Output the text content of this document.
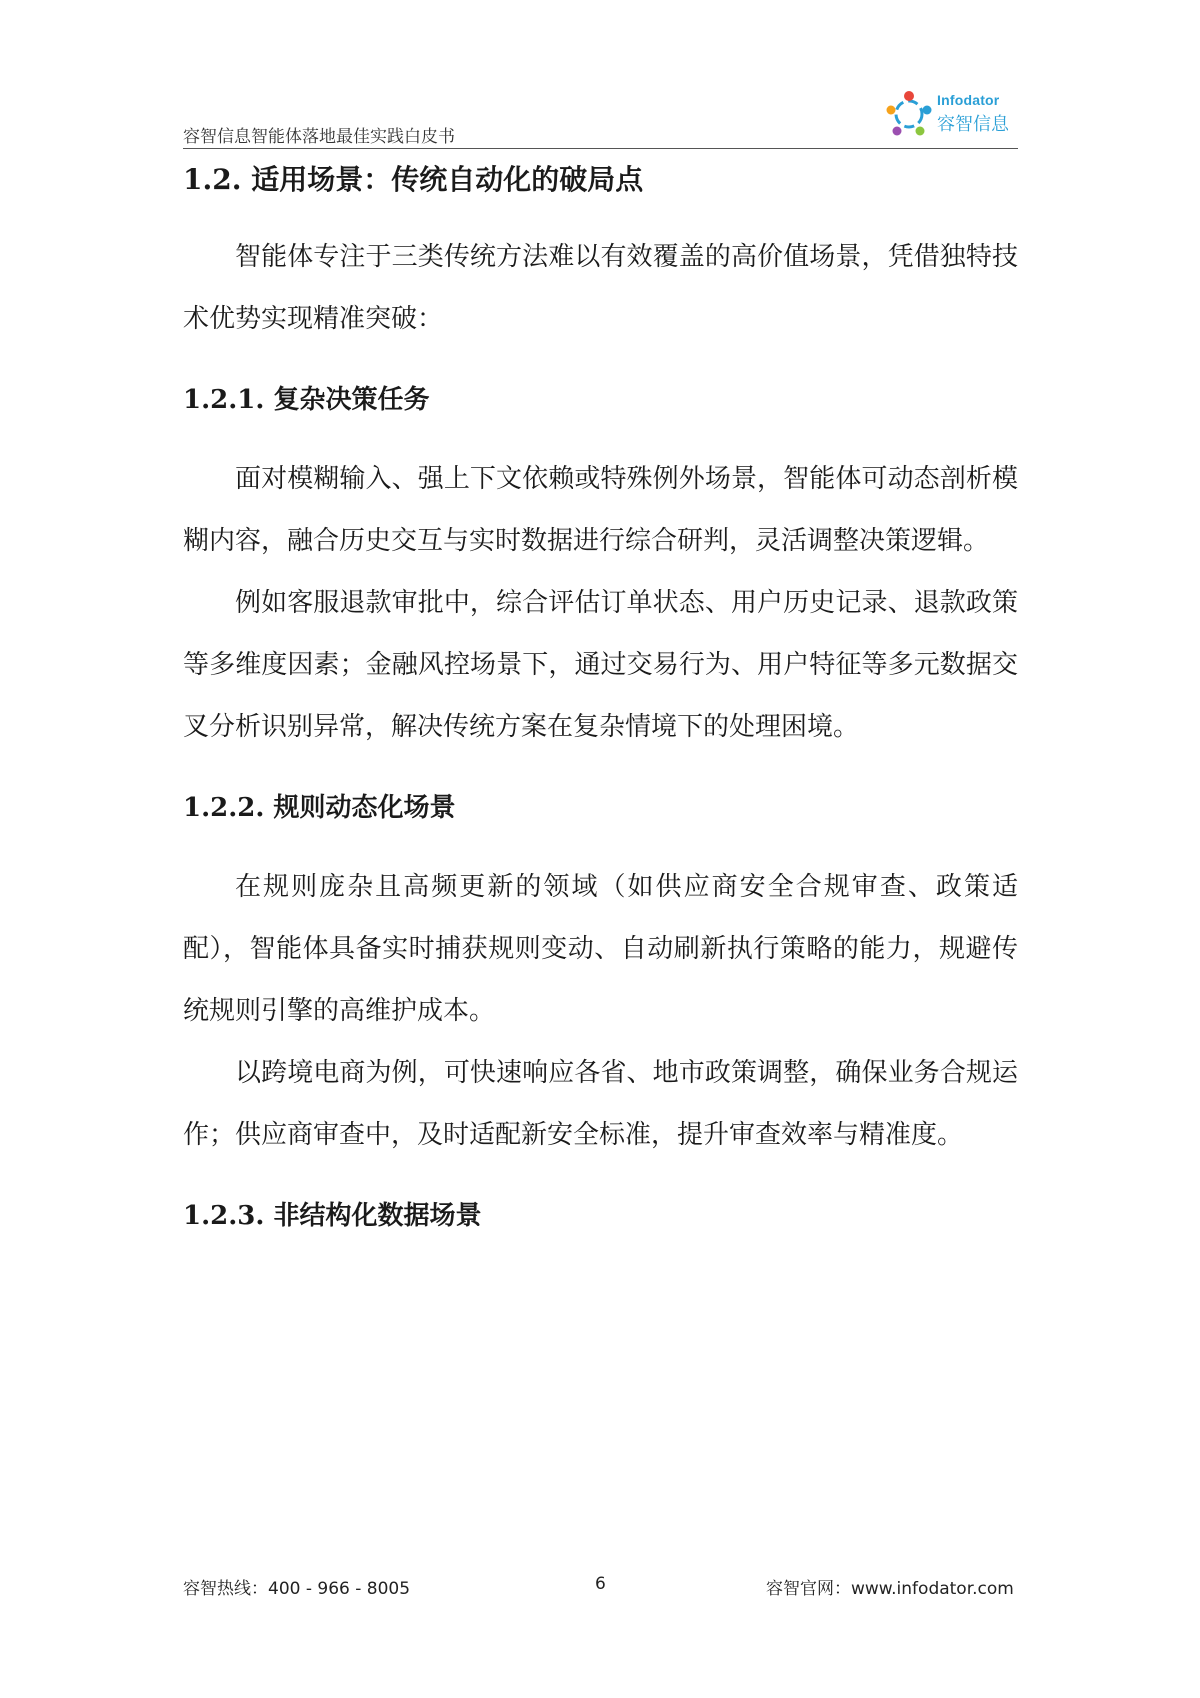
容智信息智能体落地最佳实践白皮书
Infodator
容智信息
1.2. 适用场景：传统自动化的破局点

智能体专注于三类传统方法难以有效覆盖的高价值场景，凭借独特技术优势实现精准突破：

1.2.1. 复杂决策任务

面对模糊输入、强上下文依赖或特殊例外场景，智能体可动态剖析模糊内容，融合历史交互与实时数据进行综合研判，灵活调整决策逻辑。

例如客服退款审批中，综合评估订单状态、用户历史记录、退款政策等多维度因素；金融风控场景下，通过交易行为、用户特征等多元数据交叉分析识别异常，解决传统方案在复杂情境下的处理困境。

1.2.2. 规则动态化场景

在规则庞杂且高频更新的领域（如供应商安全合规审查、政策适配），智能体具备实时捕获规则变动、自动刷新执行策略的能力，规避传统规则引擎的高维护成本。

以跨境电商为例，可快速响应各省、地市政策调整，确保业务合规运作；供应商审查中，及时适配新安全标准，提升审查效率与精准度。

1.2.3. 非结构化数据场景
容智热线：400 - 966 - 8005	6	容智官网：www.infodator.com
